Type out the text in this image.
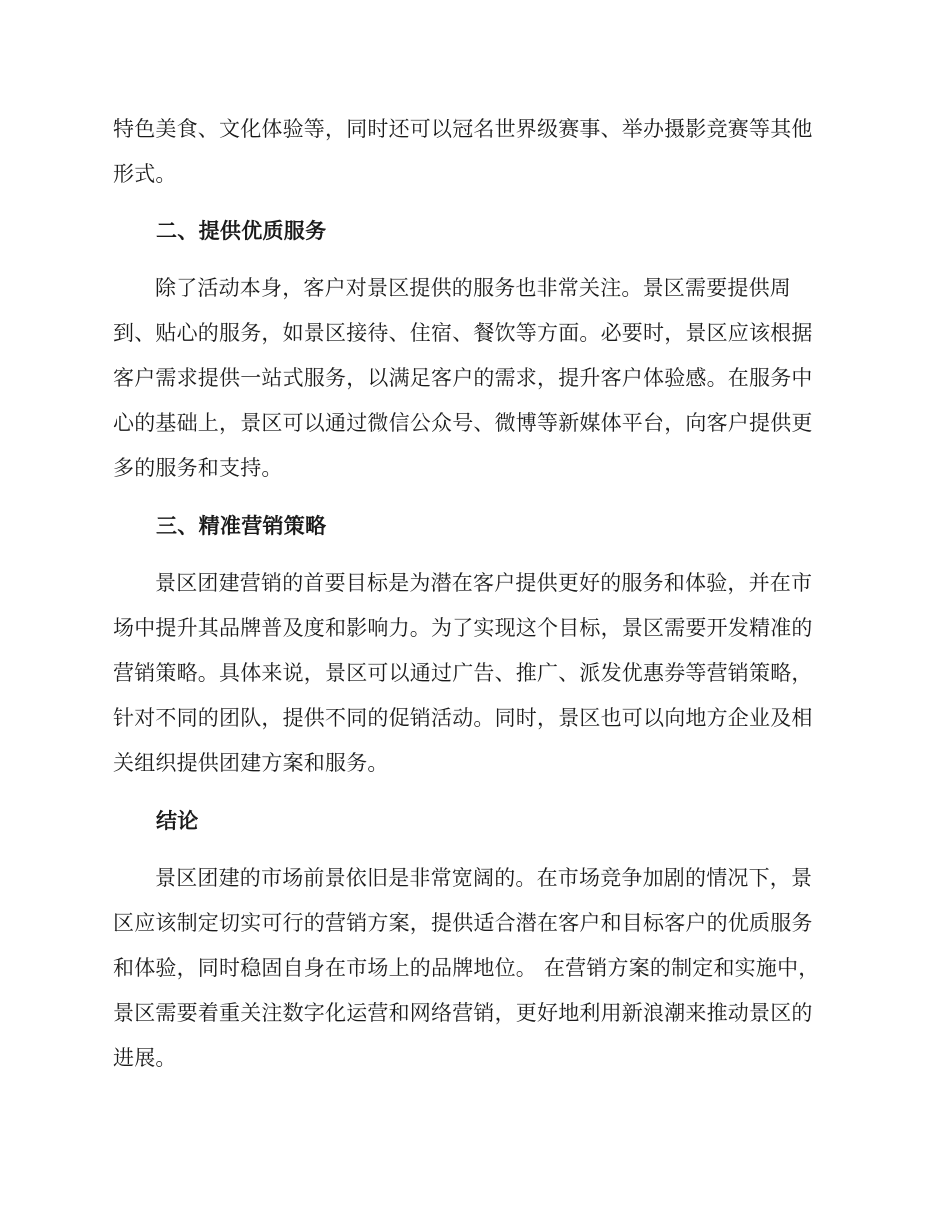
特色美食、文化体验等，同时还可以冠名世界级赛事、举办摄影竞赛等其他
形式。
二、提供优质服务
除了活动本身，客户对景区提供的服务也非常关注。景区需要提供周
到、贴心的服务，如景区接待、住宿、餐饮等方面。必要时，景区应该根据
客户需求提供一站式服务，以满足客户的需求，提升客户体验感。在服务中
心的基础上，景区可以通过微信公众号、微博等新媒体平台，向客户提供更
多的服务和支持。
三、精准营销策略
景区团建营销的首要目标是为潜在客户提供更好的服务和体验，并在市
场中提升其品牌普及度和影响力。为了实现这个目标，景区需要开发精准的
营销策略。具体来说，景区可以通过广告、推广、派发优惠券等营销策略，
针对不同的团队，提供不同的促销活动。同时，景区也可以向地方企业及相
关组织提供团建方案和服务。
结论
景区团建的市场前景依旧是非常宽阔的。在市场竞争加剧的情况下，景
区应该制定切实可行的营销方案，提供适合潜在客户和目标客户的优质服务
和体验，同时稳固自身在市场上的品牌地位。 在营销方案的制定和实施中，
景区需要着重关注数字化运营和网络营销，更好地利用新浪潮来推动景区的
进展。
